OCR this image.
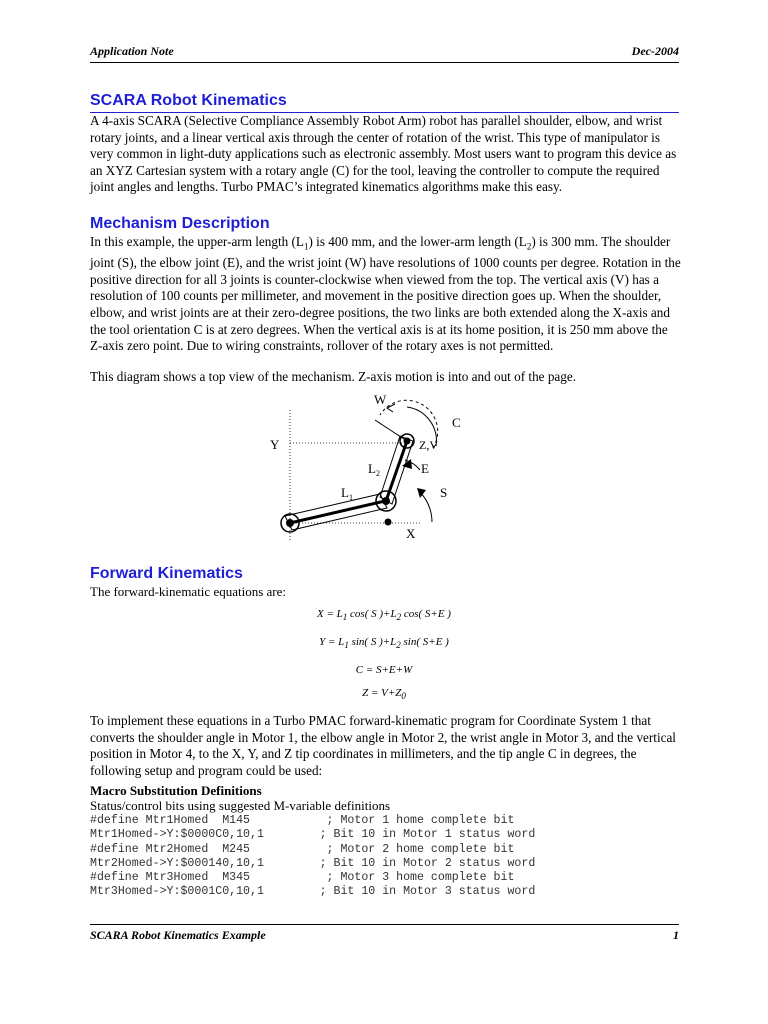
Application Note	Dec-2004
SCARA Robot Kinematics
A 4-axis SCARA (Selective Compliance Assembly Robot Arm) robot has parallel shoulder, elbow, and wrist rotary joints, and a linear vertical axis through the center of rotation of the wrist. This type of manipulator is very common in light-duty applications such as electronic assembly. Most users want to program this device as an XYZ Cartesian system with a rotary angle (C) for the tool, leaving the controller to compute the required joint angles and lengths. Turbo PMAC’s integrated kinematics algorithms make this easy.
Mechanism Description
In this example, the upper-arm length $(L_1)$ is 400 mm, and the lower-arm length $(L_2)$ is 300 mm. The shoulder joint (S), the elbow joint (E), and the wrist joint (W) have resolutions of 1000 counts per degree. Rotation in the positive direction for all 3 joints is counter-clockwise when viewed from the top. The vertical axis (V) has a resolution of 100 counts per millimeter, and movement in the positive direction goes up. When the shoulder, elbow, and wrist joints are at their zero-degree positions, the two links are both extended along the X-axis and the tool orientation C is at zero degrees. When the vertical axis is at its home position, it is 250 mm above the Z-axis zero point. Due to wiring constraints, rollover of the rotary axes is not permitted.
This diagram shows a top view of the mechanism. Z-axis motion is into and out of the page.
W
C
Y	Z,V
$L_2$	E
$L_1$	S
X
Forward Kinematics
The forward-kinematic equations are:
$X = L_1$ cos( S )$+L_2$ cos( S+E )
$Y = L_1$ sin( S )$+L_2$ sin( S+E )
C = S+E+W
$Z = V+Z_0$
To implement these equations in a Turbo PMAC forward-kinematic program for Coordinate System 1 that converts the shoulder angle in Motor 1, the elbow angle in Motor 2, the wrist angle in Motor 3, and the vertical position in Motor 4, to the X, Y, and Z tip coordinates in millimeters, and the tip angle C in degrees, the following setup and program could be used:
Macro Substitution Definitions
Status/control bits using suggested M-variable definitions
#define Mtr1Homed  M145           ; Motor 1 home complete bit
Mtr1Homed->Y:$0000C0,10,1        ; Bit 10 in Motor 1 status word
#define Mtr2Homed  M245           ; Motor 2 home complete bit
Mtr2Homed->Y:$000140,10,1        ; Bit 10 in Motor 2 status word
#define Mtr3Homed  M345           ; Motor 3 home complete bit
Mtr3Homed->Y:$0001C0,10,1        ; Bit 10 in Motor 3 status word
SCARA Robot Kinematics Example	1
